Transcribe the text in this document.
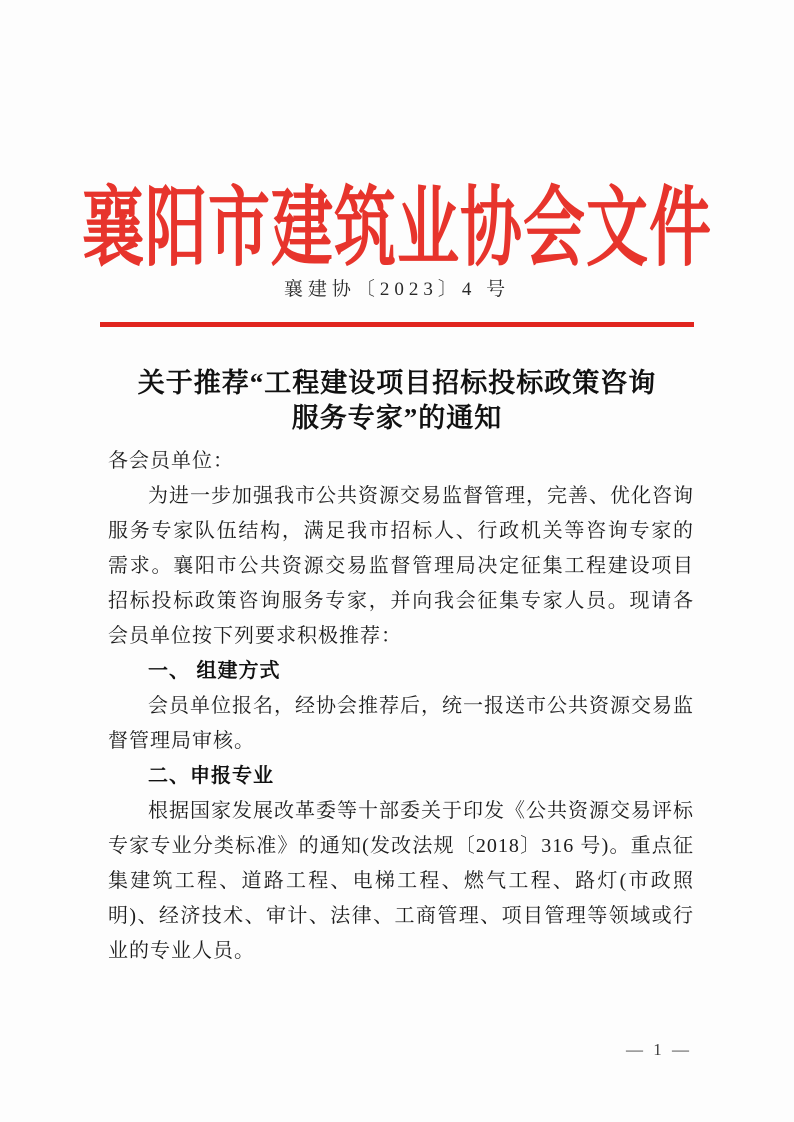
襄阳市建筑业协会文件
襄建协〔2023〕4 号
关于推荐“工程建设项目招标投标政策咨询
服务专家”的通知

各会员单位：

为进一步加强我市公共资源交易监督管理，完善、优化咨询服务专家队伍结构，满足我市招标人、行政机关等咨询专家的需求。襄阳市公共资源交易监督管理局决定征集工程建设项目招标投标政策咨询服务专家，并向我会征集专家人员。现请各会员单位按下列要求积极推荐：

一、 组建方式

会员单位报名，经协会推荐后，统一报送市公共资源交易监督管理局审核。

二、申报专业

根据国家发展改革委等十部委关于印发《公共资源交易评标专家专业分类标准》的通知(发改法规〔2018〕316 号)。重点征集建筑工程、道路工程、电梯工程、燃气工程、路灯(市政照明)、经济技术、审计、法律、工商管理、项目管理等领域或行业的专业人员。

— 1 —
